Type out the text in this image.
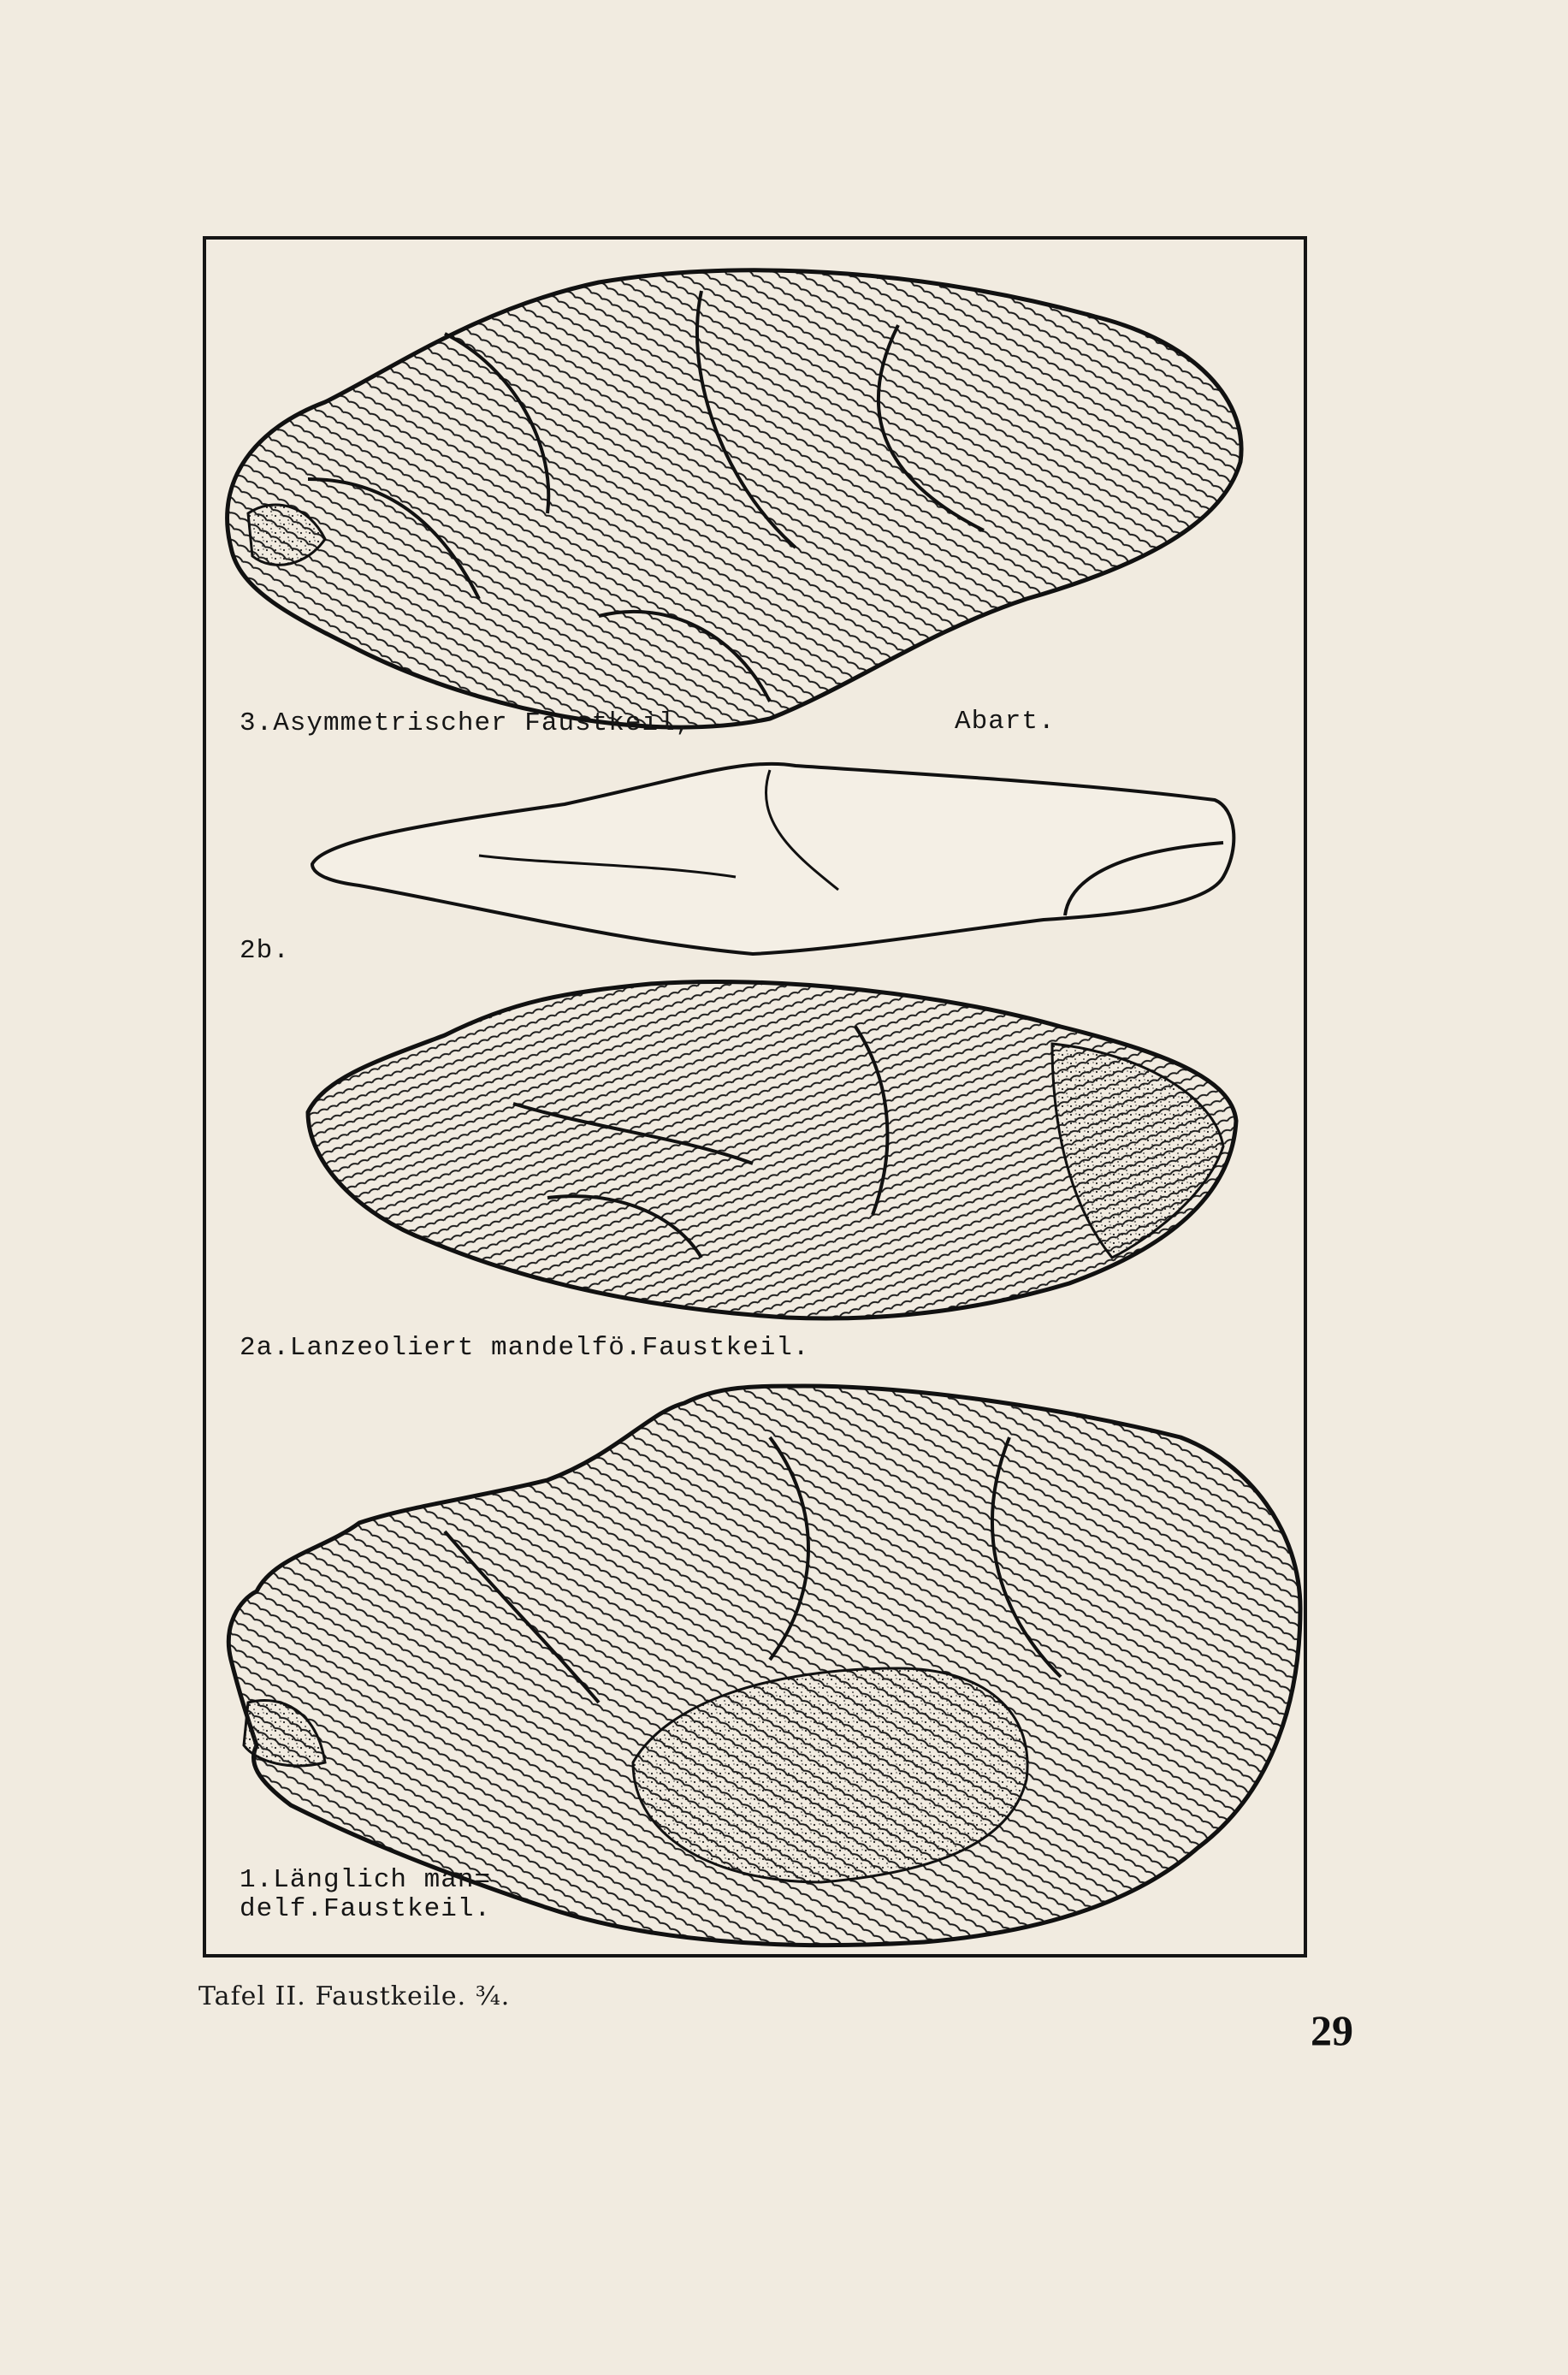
3.Asymmetrischer Faustkeil,	Abart.
2b.
2a.Lanzeoliert mandelfö.Faustkeil.
1.Länglich man=
delf.Faustkeil.
Tafel II. Faustkeile. ¾.
29
